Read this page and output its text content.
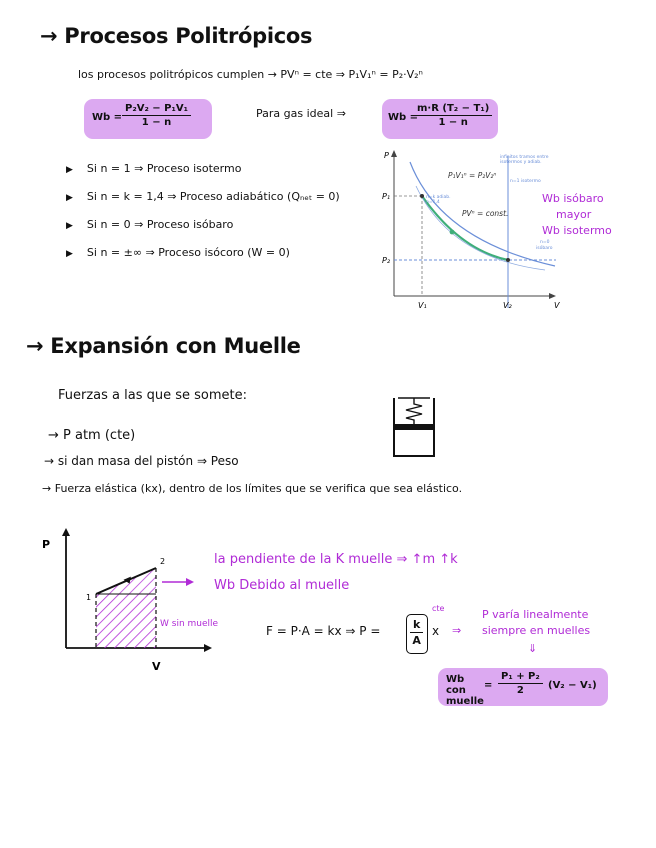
→ Procesos Politrópicos
los procesos politrópicos cumplen → PVⁿ = cte ⇒ P₁V₁ⁿ = P₂·V₂ⁿ
$Wb = \frac{\text{P₂V₂ − P₁V₁}}{1 - n}$	Para gas ideal ⇒	Wb =
$\frac{\text{m·R (T₂ − T₁)}}{1 - n}$
▶ Si n = 1 ⇒ Proceso isotermo
▶ Si n = k = 1,4 ⇒ Proceso adiabático (Qₙₑₜ = 0)
▶ Si n = 0 ⇒ Proceso isóbaro
▶ Si n = ±∞ ⇒ Proceso isócoro (W = 0)
P
V
P₁
P₂
V₁	V₂
P₁V₁ⁿ = P₂V₂ⁿ
PVⁿ = const.
infinitos tramos entre
isotermos y adiab.
n=1 isotermo
n=k adiab.
n=1,4
n=0
isóbaro
Wb isóbaro
mayor
Wb isotermo
→ Expansión con Muelle
Fuerzas a las que se somete:
→ P atm (cte)
→ si dan masa del pistón ⇒ Peso
→ Fuerza elástica (kx), dentro de los límites que se verifica que sea elástico.
P
V
1
2
W sin muelle
la pendiente de la K muelle ⇒ ↑m ↑k
Wb Debido al muelle
F = P·A = kx ⇒ P =	$\frac{k}{A}$ x
cte
⇒
P varía linealmente
siempre en muelles
⇓
Wb con muelle
= $\frac{\text{P₁ + P₂}}{2} (V_2 - V_1)$
